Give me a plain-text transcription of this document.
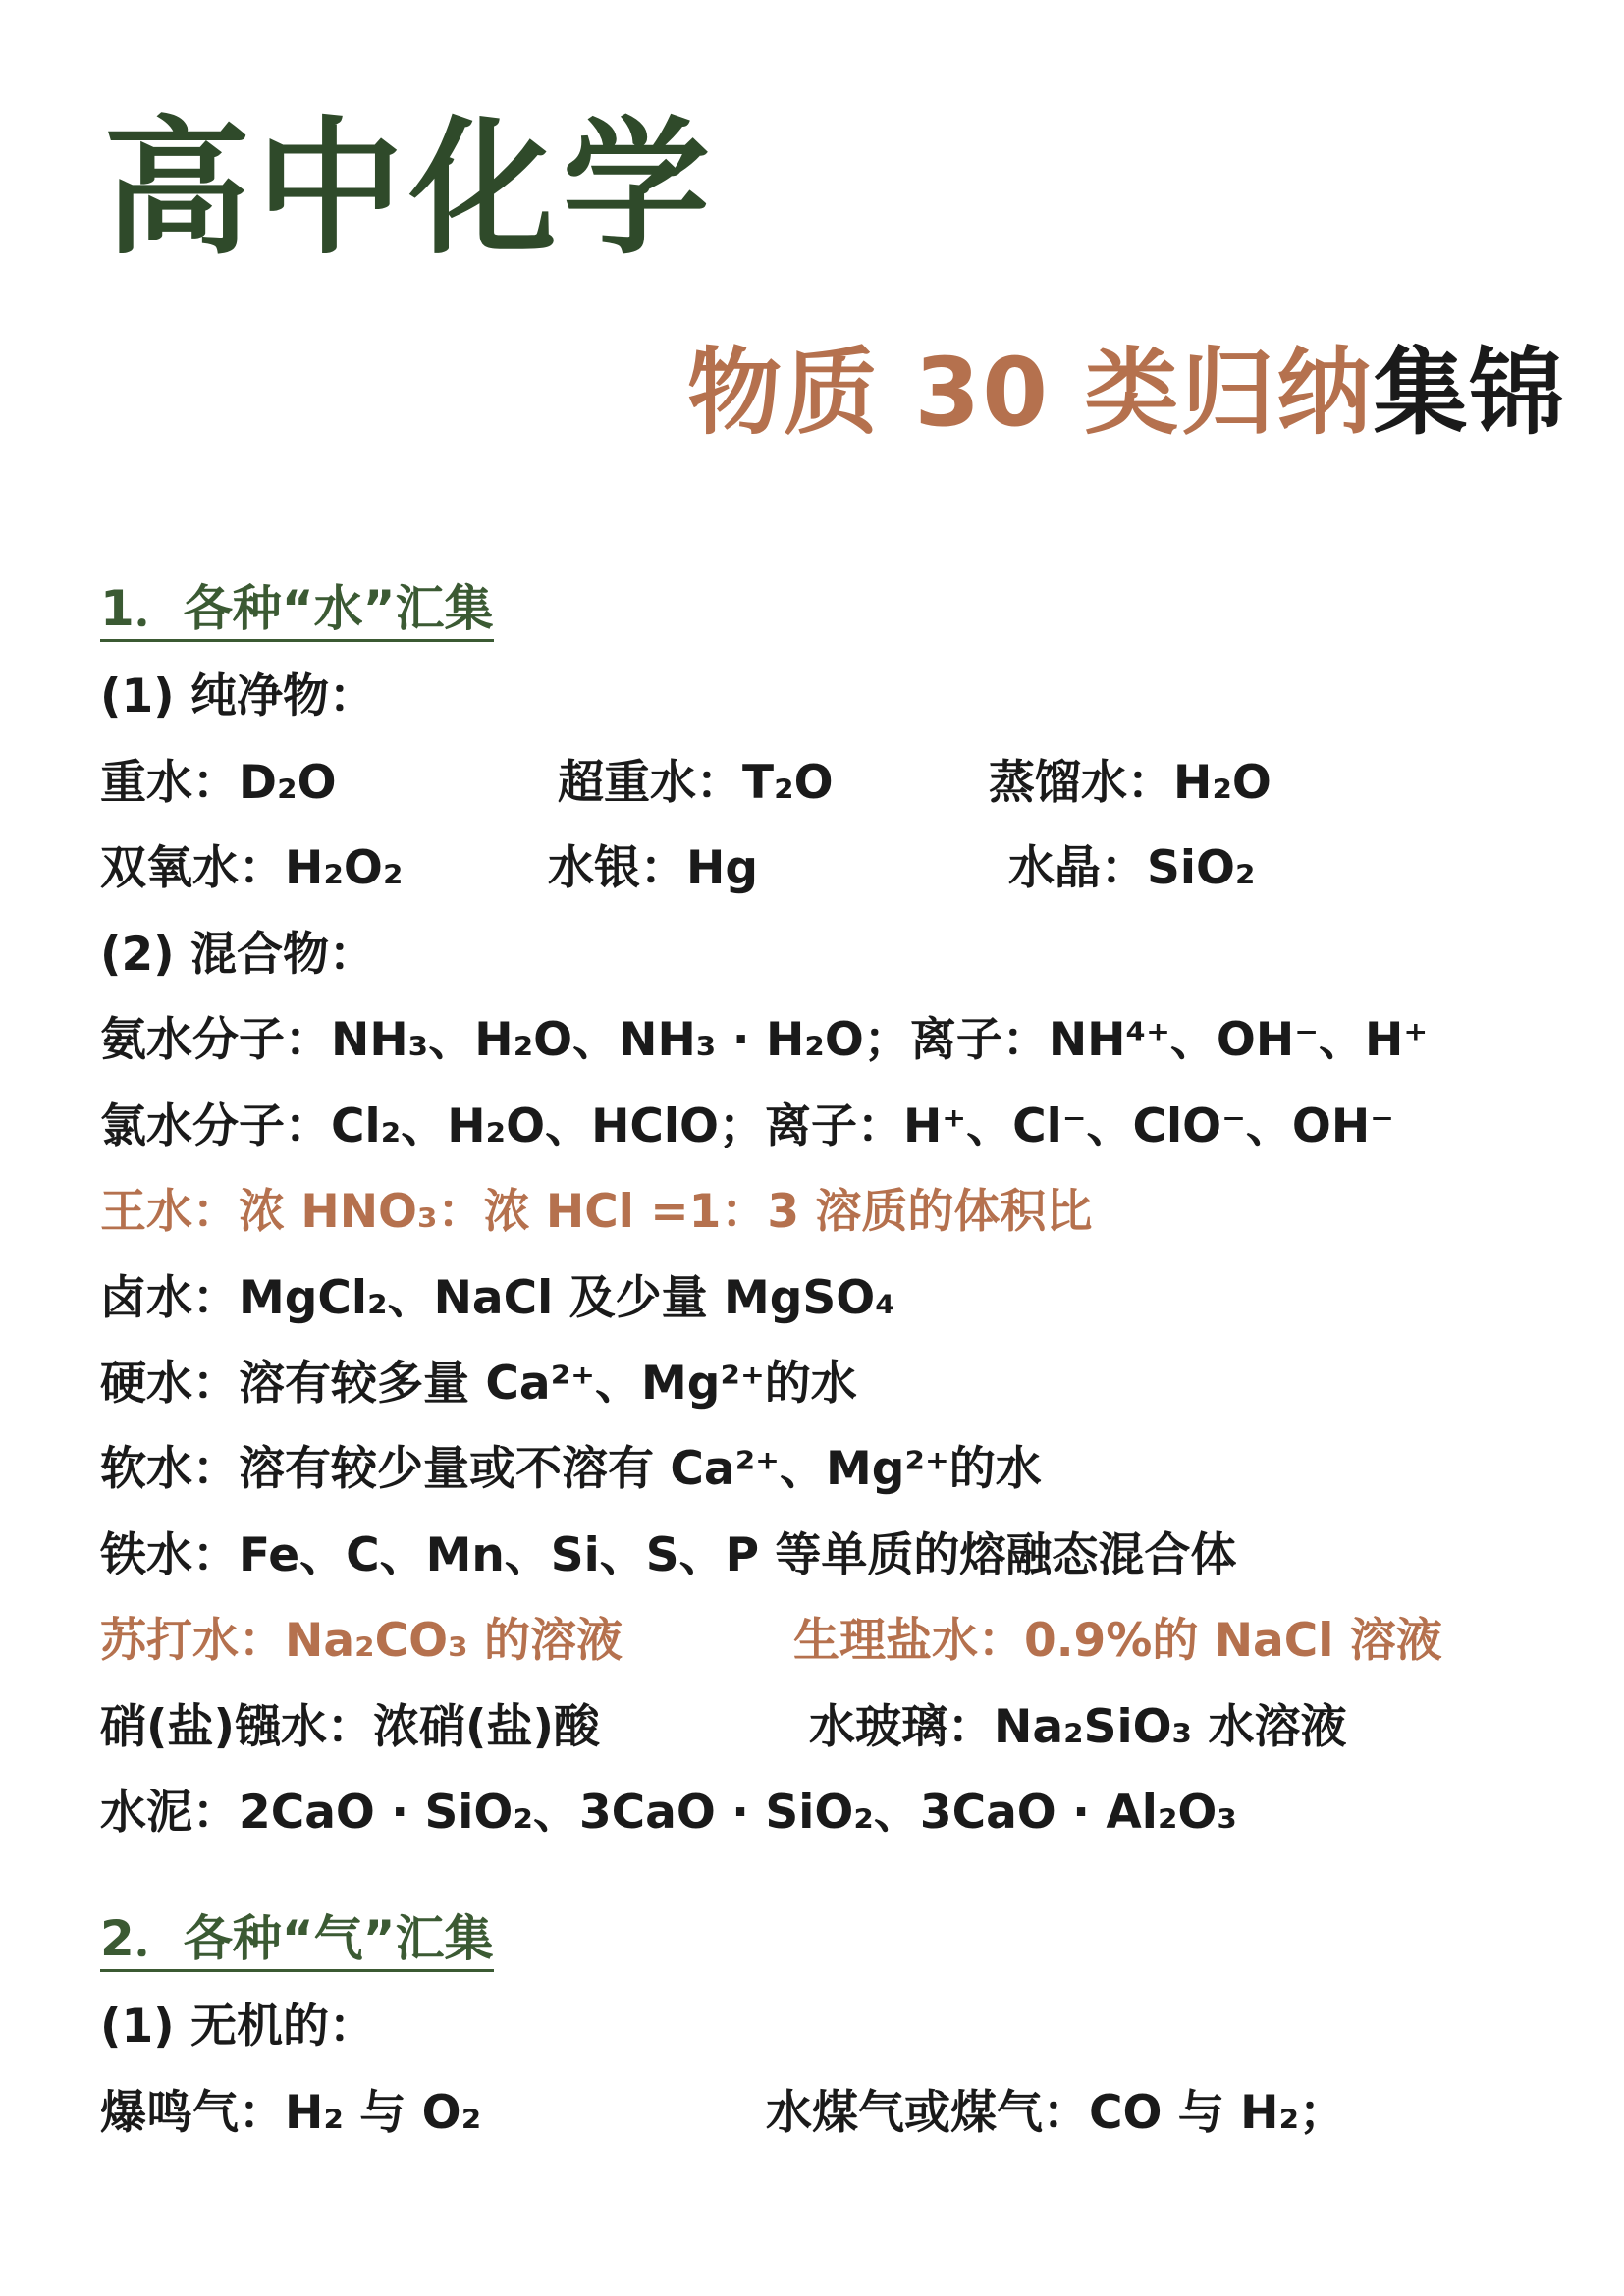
高中化学
物质 30 类归纳集锦
1．各种“水”汇集
(1) 纯净物：
重水：D₂O	超重水：T₂O	蒸馏水：H₂O
双氧水：H₂O₂	水银：Hg	水晶：SiO₂
(2) 混合物：
氨水分子：NH₃、H₂O、NH₃ · H₂O；离子：NH⁴⁺、OH⁻、H⁺
氯水分子：Cl₂、H₂O、HClO；离子：H⁺、Cl⁻、ClO⁻、OH⁻
王水：浓 HNO₃：浓 HCl =1：3 溶质的体积比
卤水：MgCl₂、NaCl 及少量 MgSO₄
硬水：溶有较多量 Ca²⁺、Mg²⁺的水
软水：溶有较少量或不溶有 Ca²⁺、Mg²⁺的水
铁水：Fe、C、Mn、Si、S、P 等单质的熔融态混合体
苏打水：Na₂CO₃ 的溶液	生理盐水：0.9%的 NaCl 溶液
硝(盐)镪水：浓硝(盐)酸	水玻璃：Na₂SiO₃ 水溶液
水泥：2CaO · SiO₂、3CaO · SiO₂、3CaO · Al₂O₃
2．各种“气”汇集
(1) 无机的：
爆鸣气：H₂ 与 O₂	水煤气或煤气：CO 与 H₂；
